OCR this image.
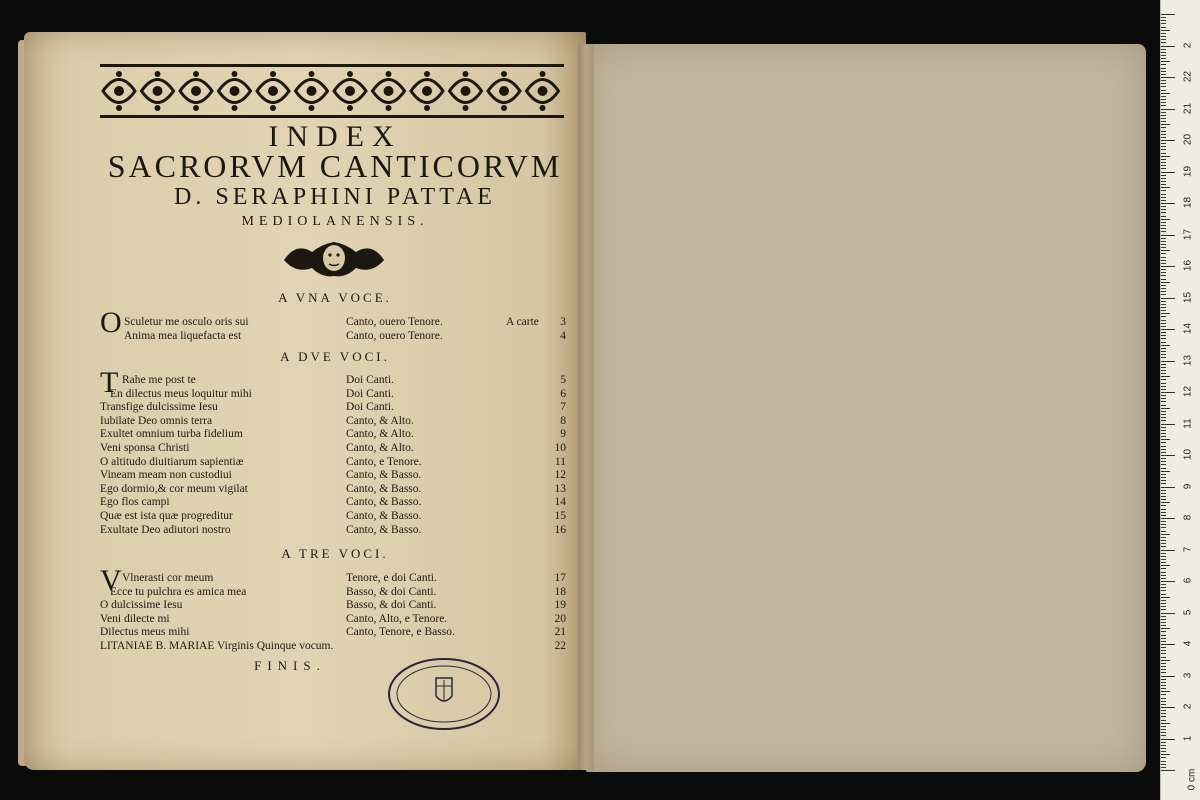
INDEX
SACRORVM CANTICORVM
D. SERAPHINI PATTAE
MEDIOLANENSIS.
A VNA VOCE.
O Sculetur me osculo oris sui	Canto, ouero Tenore.	A carte 3
Anima mea liquefacta est	Canto, ouero Tenore.	4
A DVE VOCI.
T Rahe me post te	Doi Canti.	5
En dilectus meus loquitur mihi	Doi Canti.	6
Transfige dulcissime Iesu	Doi Canti.	7
Iubilate Deo omnis terra	Canto, & Alto.	8
Exultet omnium turba fidelium	Canto, & Alto.	9
Veni sponsa Christi	Canto, & Alto.	10
O altitudo diuitiarum sapientiæ	Canto, e Tenore.	11
Vineam meam non custodiui	Canto, & Basso.	12
Ego dormio,& cor meum vigilat	Canto, & Basso.	13
Ego flos campi	Canto, & Basso.	14
Quæ est ista quæ progreditur	Canto, & Basso.	15
Exultate Deo adiutori nostro	Canto, & Basso.	16
A TRE VOCI.
V Vlnerasti cor meum	Tenore, e doi Canti.	17
Ecce tu pulchra es amica mea	Basso, & doi Canti.	18
O dulcissime Iesu	Basso, & doi Canti.	19
Veni dilecte mi	Canto, Alto, e Tenore.	20
Dilectus meus mihi	Canto, Tenore, e Basso.	21
LITANIAE B. MARIAE Virginis Quinque vocum.	22
FINIS.
0 cm
1
2
3
4
5
6
7
8
9
10
11
12
13
14
15
16
17
18
19
20
21
22
2
